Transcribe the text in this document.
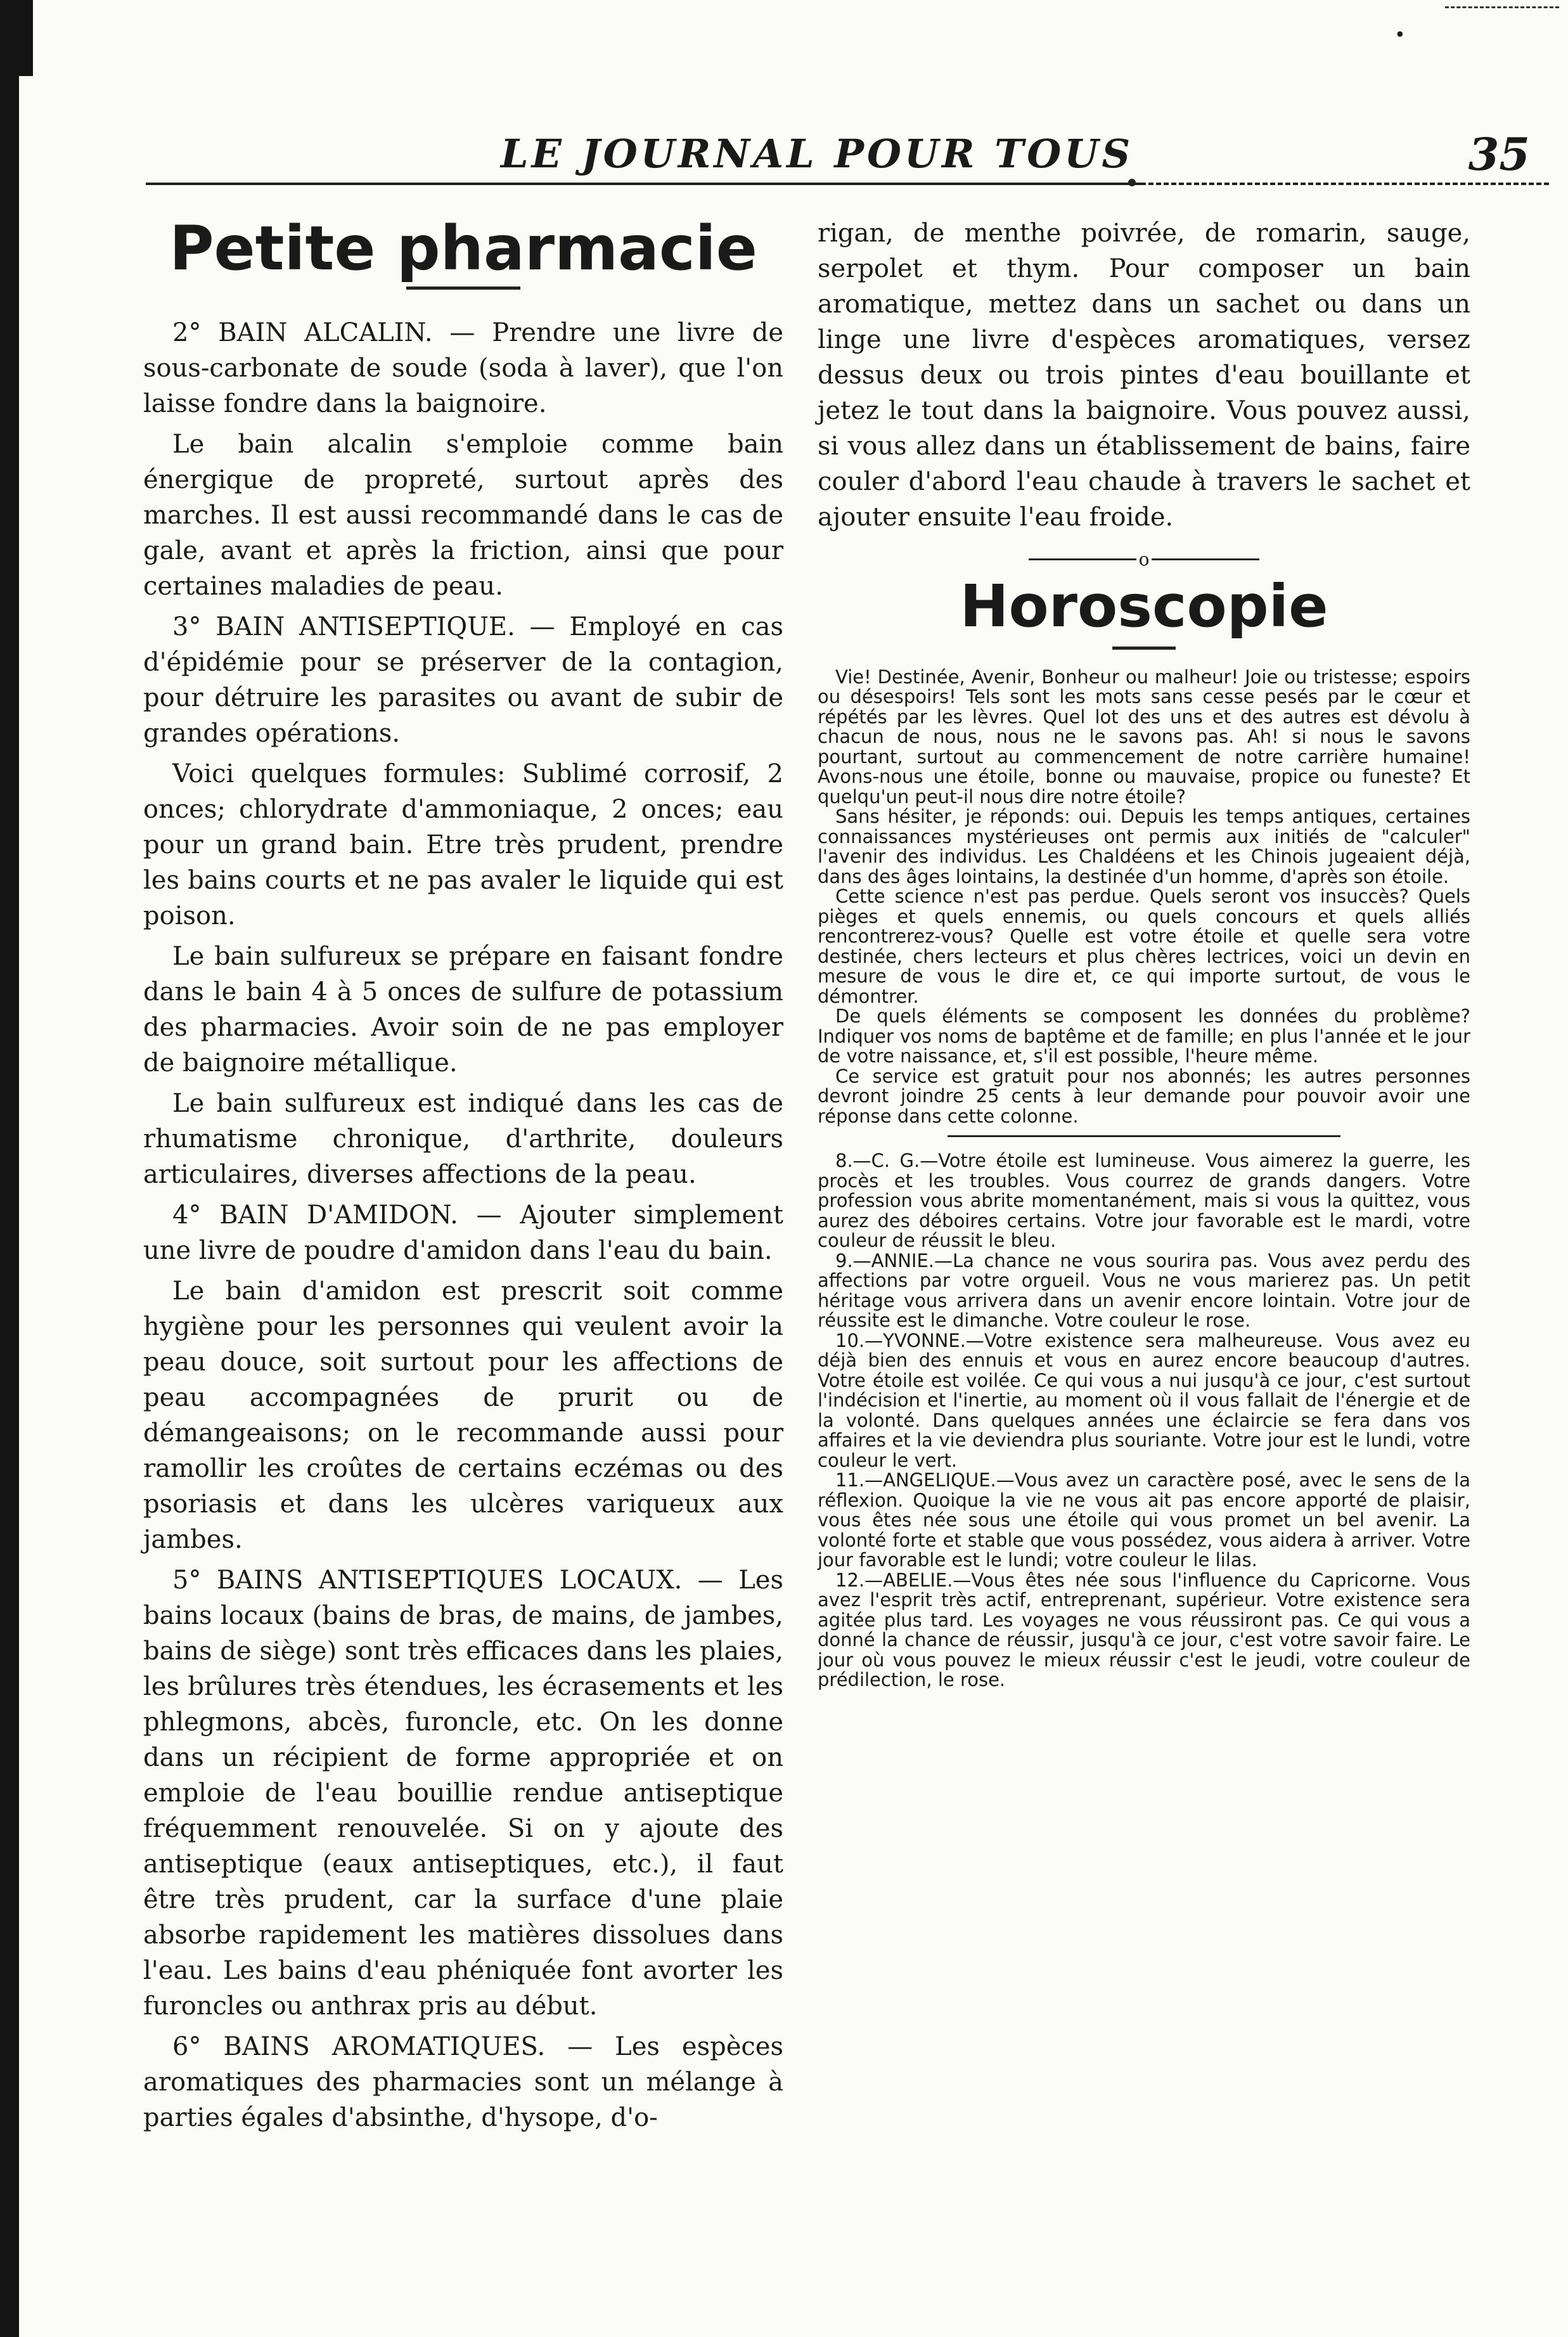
•
LE JOURNAL POUR TOUS	35
Petite pharmacie

2° BAIN ALCALIN. — Prendre une livre de sous-carbonate de soude (soda à laver), que l'on laisse fondre dans la baignoire.

Le bain alcalin s'emploie comme bain énergique de propreté, surtout après des marches. Il est aussi recommandé dans le cas de gale, avant et après la friction, ainsi que pour certaines maladies de peau.

3° BAIN ANTISEPTIQUE. — Employé en cas d'épidémie pour se préserver de la contagion, pour détruire les parasites ou avant de subir de grandes opérations.

Voici quelques formules: Sublimé corrosif, 2 onces; chlorydrate d'ammoniaque, 2 onces; eau pour un grand bain. Etre très prudent, prendre les bains courts et ne pas avaler le liquide qui est poison.

Le bain sulfureux se prépare en faisant fondre dans le bain 4 à 5 onces de sulfure de potassium des pharmacies. Avoir soin de ne pas employer de baignoire métallique.

Le bain sulfureux est indiqué dans les cas de rhumatisme chronique, d'arthrite, douleurs articulaires, diverses affections de la peau.

4° BAIN D'AMIDON. — Ajouter simplement une livre de poudre d'amidon dans l'eau du bain.

Le bain d'amidon est prescrit soit comme hygiène pour les personnes qui veulent avoir la peau douce, soit surtout pour les affections de peau accompagnées de prurit ou de démangeaisons; on le recommande aussi pour ramollir les croûtes de certains eczémas ou des psoriasis et dans les ulcères variqueux aux jambes.

5° BAINS ANTISEPTIQUES LOCAUX. — Les bains locaux (bains de bras, de mains, de jambes, bains de siège) sont très efficaces dans les plaies, les brûlures très étendues, les écrasements et les phlegmons, abcès, furoncle, etc. On les donne dans un récipient de forme appropriée et on emploie de l'eau bouillie rendue antiseptique fréquemment renouvelée. Si on y ajoute des antiseptique (eaux antiseptiques, etc.), il faut être très prudent, car la surface d'une plaie absorbe rapidement les matières dissolues dans l'eau. Les bains d'eau phéniquée font avorter les furoncles ou anthrax pris au début.

6° BAINS AROMATIQUES. — Les espèces aromatiques des pharmacies sont un mélange à parties égales d'absinthe, d'hysope, d'o-

rigan, de menthe poivrée, de romarin, sauge, serpolet et thym. Pour composer un bain aromatique, mettez dans un sachet ou dans un linge une livre d'espèces aromatiques, versez dessus deux ou trois pintes d'eau bouillante et jetez le tout dans la baignoire. Vous pouvez aussi, si vous allez dans un établissement de bains, faire couler d'abord l'eau chaude à travers le sachet et ajouter ensuite l'eau froide.

o
Horoscopie

Vie! Destinée, Avenir, Bonheur ou malheur! Joie ou tristesse; espoirs ou désespoirs! Tels sont les mots sans cesse pesés par le cœur et répétés par les lèvres. Quel lot des uns et des autres est dévolu à chacun de nous, nous ne le savons pas. Ah! si nous le savons pourtant, surtout au commencement de notre carrière humaine! Avons-nous une étoile, bonne ou mauvaise, propice ou funeste? Et quelqu'un peut-il nous dire notre étoile?

Sans hésiter, je réponds: oui. Depuis les temps antiques, certaines connaissances mystérieuses ont permis aux initiés de "calculer" l'avenir des individus. Les Chaldéens et les Chinois jugeaient déjà, dans des âges lointains, la destinée d'un homme, d'après son étoile.

Cette science n'est pas perdue. Quels seront vos insuccès? Quels pièges et quels ennemis, ou quels concours et quels alliés rencontrerez-vous? Quelle est votre étoile et quelle sera votre destinée, chers lecteurs et plus chères lectrices, voici un devin en mesure de vous le dire et, ce qui importe surtout, de vous le démontrer.

De quels éléments se composent les données du problème? Indiquer vos noms de baptême et de famille; en plus l'année et le jour de votre naissance, et, s'il est possible, l'heure même.

Ce service est gratuit pour nos abonnés; les autres personnes devront joindre 25 cents à leur demande pour pouvoir avoir une réponse dans cette colonne.

8.—C. G.—Votre étoile est lumineuse. Vous aimerez la guerre, les procès et les troubles. Vous courrez de grands dangers. Votre profession vous abrite momentanément, mais si vous la quittez, vous aurez des déboires certains. Votre jour favorable est le mardi, votre couleur de réussit le bleu.

9.—ANNIE.—La chance ne vous sourira pas. Vous avez perdu des affections par votre orgueil. Vous ne vous marierez pas. Un petit héritage vous arrivera dans un avenir encore lointain. Votre jour de réussite est le dimanche. Votre couleur le rose.

10.—YVONNE.—Votre existence sera malheureuse. Vous avez eu déjà bien des ennuis et vous en aurez encore beaucoup d'autres. Votre étoile est voilée. Ce qui vous a nui jusqu'à ce jour, c'est surtout l'indécision et l'inertie, au moment où il vous fallait de l'énergie et de la volonté. Dans quelques années une éclaircie se fera dans vos affaires et la vie deviendra plus souriante. Votre jour est le lundi, votre couleur le vert.

11.—ANGELIQUE.—Vous avez un caractère posé, avec le sens de la réflexion. Quoique la vie ne vous ait pas encore apporté de plaisir, vous êtes née sous une étoile qui vous promet un bel avenir. La volonté forte et stable que vous possédez, vous aidera à arriver. Votre jour favorable est le lundi; votre couleur le lilas.

12.—ABELIE.—Vous êtes née sous l'influence du Capricorne. Vous avez l'esprit très actif, entreprenant, supérieur. Votre existence sera agitée plus tard. Les voyages ne vous réussiront pas. Ce qui vous a donné la chance de réussir, jusqu'à ce jour, c'est votre savoir faire. Le jour où vous pouvez le mieux réussir c'est le jeudi, votre couleur de prédilection, le rose.
